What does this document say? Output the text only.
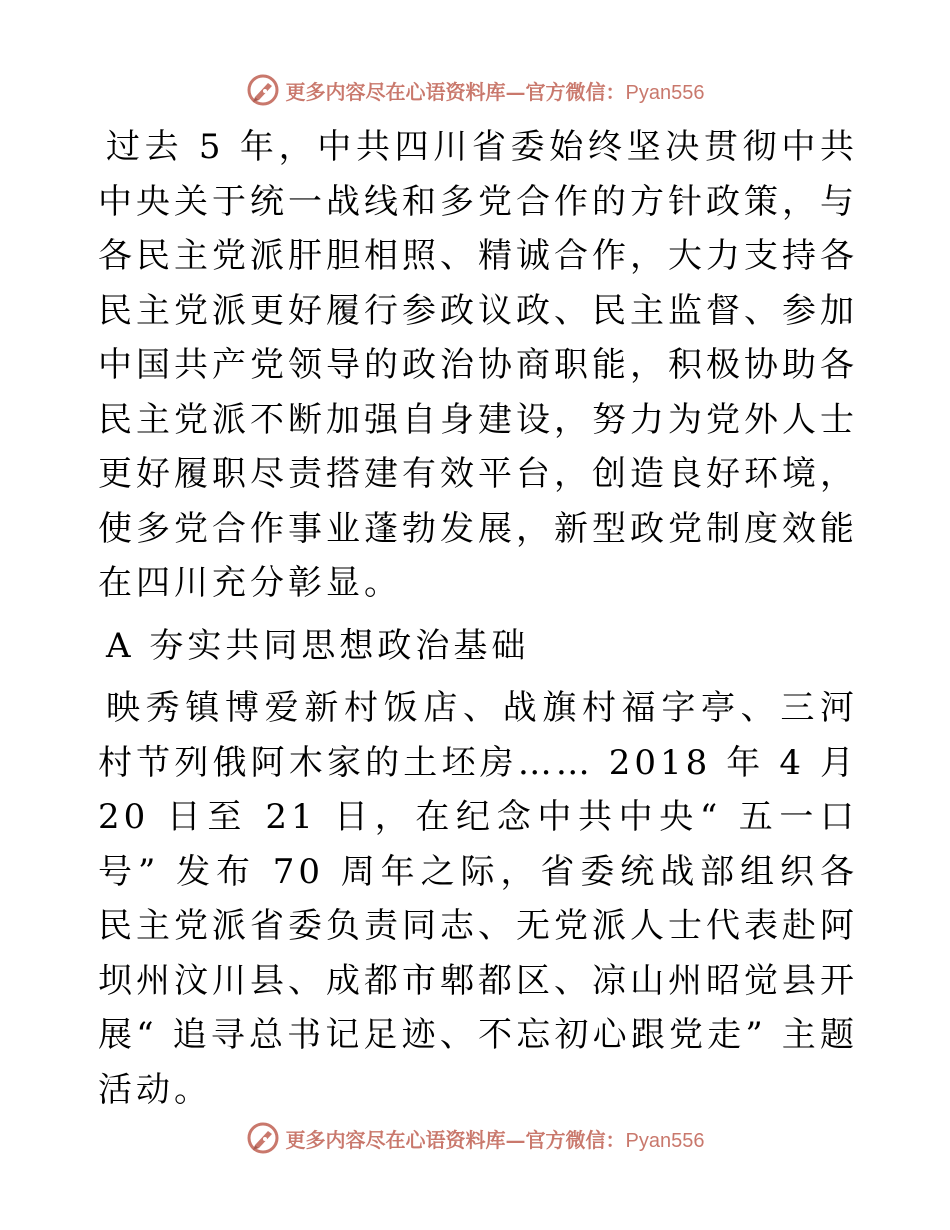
更多内容尽在心语资料库—官方微信：Pyan556

过去 5 年，中共四川省委始终坚决贯彻中共中央关于统一战线和多党合作的方针政策，与各民主党派肝胆相照、精诚合作，大力支持各民主党派更好履行参政议政、民主监督、参加中国共产党领导的政治协商职能，积极协助各民主党派不断加强自身建设，努力为党外人士更好履职尽责搭建有效平台，创造良好环境，使多党合作事业蓬勃发展，新型政党制度效能在四川充分彰显。

A 夯实共同思想政治基础

映秀镇博爱新村饭店、战旗村福字亭、三河村节列俄阿木家的土坯房…… 2018 年 4 月 20 日至 21 日，在纪念中共中央“ 五一口号” 发布 70 周年之际，省委统战部组织各民主党派省委负责同志、无党派人士代表赴阿坝州汶川县、成都市郫都区、凉山州昭觉县开展“ 追寻总书记足迹、不忘初心跟党走” 主题活动。

更多内容尽在心语资料库—官方微信：Pyan556
